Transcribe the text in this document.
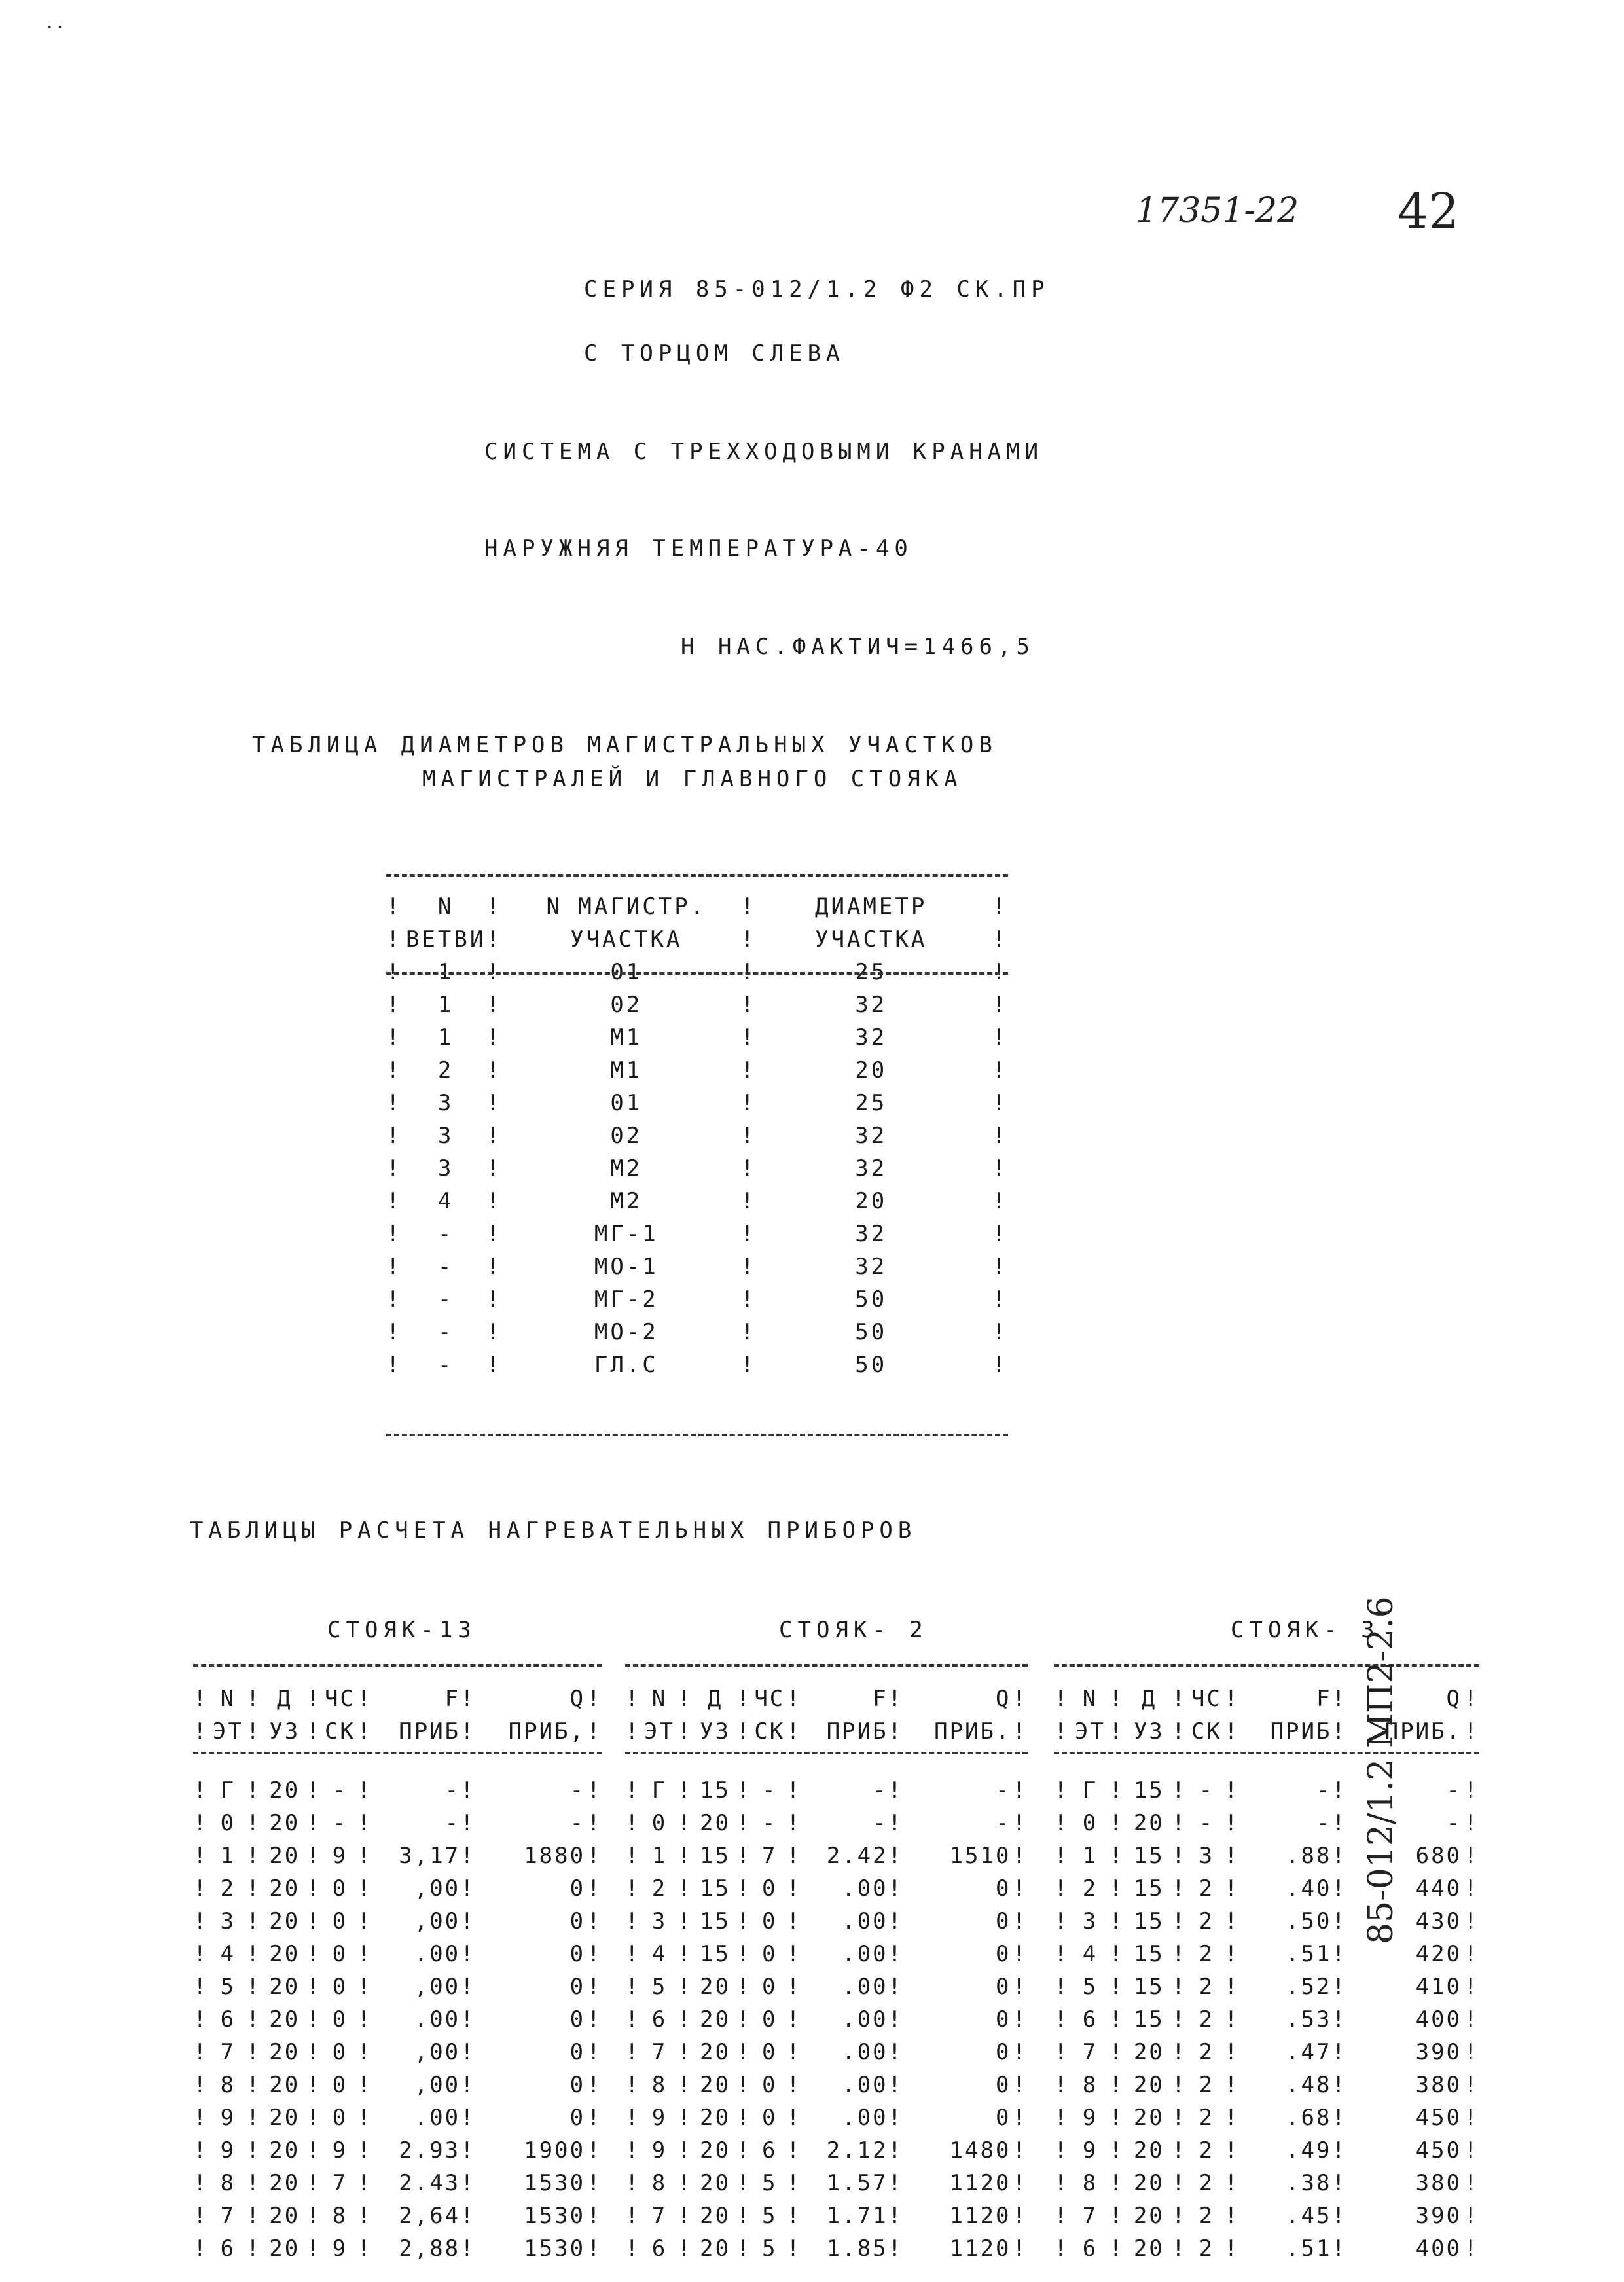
..
17351-22 42
СЕРИЯ 85-012/1.2 Ф2 СК.ПР
С ТОРЦОМ СЛЕВА
СИСТЕМА С ТРЕХХОДОВЫМИ КРАНАМИ
НАРУЖНЯЯ ТЕМПЕРАТУРА-40
Н НАС.ФАКТИЧ=1466,5
ТАБЛИЦА ДИАМЕТРОВ МАГИСТРАЛЬНЫХ УЧАСТКОВ
МАГИСТРАЛЕЙ И ГЛАВНОГО СТОЯКА
!	N	!	N МАГИСТР.	!	ДИАМЕТР	!
!	ВЕТВИ	!	УЧАСТКА	!	УЧАСТКА	!
!	1	!	01	!	25	!
!	1	!	02	!	32	!
!	1	!	М1	!	32	!
!	2	!	М1	!	20	!
!	3	!	01	!	25	!
!	3	!	02	!	32	!
!	3	!	М2	!	32	!
!	4	!	М2	!	20	!
!	-	!	МГ-1	!	32	!
!	-	!	МО-1	!	32	!
!	-	!	МГ-2	!	50	!
!	-	!	МО-2	!	50	!
!	-	!	ГЛ.С	!	50	!
ТАБЛИЦЫ РАСЧЕТА НАГРЕВАТЕЛЬНЫХ ПРИБОРОВ
СТОЯК-13	СТОЯК- 2	СТОЯК- 3
!	N	!	Д	!	ЧС	!	F	!	Q	!
!	ЭТ	!	УЗ	!	СК	!	ПРИБ	!	ПРИБ,	!

!	Г	!	20	!	-	!	-	!	-	!
!	0	!	20	!	-	!	-	!	-	!
!	1	!	20	!	9	!	3,17	!	1880	!
!	2	!	20	!	0	!	,00	!	0	!
!	3	!	20	!	0	!	,00	!	0	!
!	4	!	20	!	0	!	.00	!	0	!
!	5	!	20	!	0	!	,00	!	0	!
!	6	!	20	!	0	!	.00	!	0	!
!	7	!	20	!	0	!	,00	!	0	!
!	8	!	20	!	0	!	,00	!	0	!
!	9	!	20	!	0	!	.00	!	0	!
!	9	!	20	!	9	!	2.93	!	1900	!
!	8	!	20	!	7	!	2.43	!	1530	!
!	7	!	20	!	8	!	2,64	!	1530	!
!	6	!	20	!	9	!	2,88	!	1530	!
!	N	!	Д	!	ЧС	!	F	!	Q	!
!	ЭТ	!	УЗ	!	СК	!	ПРИБ	!	ПРИБ.	!

!	Г	!	15	!	-	!	-	!	-	!
!	0	!	20	!	-	!	-	!	-	!
!	1	!	15	!	7	!	2.42	!	1510	!
!	2	!	15	!	0	!	.00	!	0	!
!	3	!	15	!	0	!	.00	!	0	!
!	4	!	15	!	0	!	.00	!	0	!
!	5	!	20	!	0	!	.00	!	0	!
!	6	!	20	!	0	!	.00	!	0	!
!	7	!	20	!	0	!	.00	!	0	!
!	8	!	20	!	0	!	.00	!	0	!
!	9	!	20	!	0	!	.00	!	0	!
!	9	!	20	!	6	!	2.12	!	1480	!
!	8	!	20	!	5	!	1.57	!	1120	!
!	7	!	20	!	5	!	1.71	!	1120	!
!	6	!	20	!	5	!	1.85	!	1120	!
!	N	!	Д	!	ЧС	!	F	!	Q	!
!	ЭТ	!	УЗ	!	СК	!	ПРИБ	!	ПРИБ.	!

!	Г	!	15	!	-	!	-	!	-	!
!	0	!	20	!	-	!	-	!	-	!
!	1	!	15	!	3	!	.88	!	680	!
!	2	!	15	!	2	!	.40	!	440	!
!	3	!	15	!	2	!	.50	!	430	!
!	4	!	15	!	2	!	.51	!	420	!
!	5	!	15	!	2	!	.52	!	410	!
!	6	!	15	!	2	!	.53	!	400	!
!	7	!	20	!	2	!	.47	!	390	!
!	8	!	20	!	2	!	.48	!	380	!
!	9	!	20	!	2	!	.68	!	450	!
!	9	!	20	!	2	!	.49	!	450	!
!	8	!	20	!	2	!	.38	!	380	!
!	7	!	20	!	2	!	.45	!	390	!
!	6	!	20	!	2	!	.51	!	400	!
85-012/1.2 МП2-2.6
